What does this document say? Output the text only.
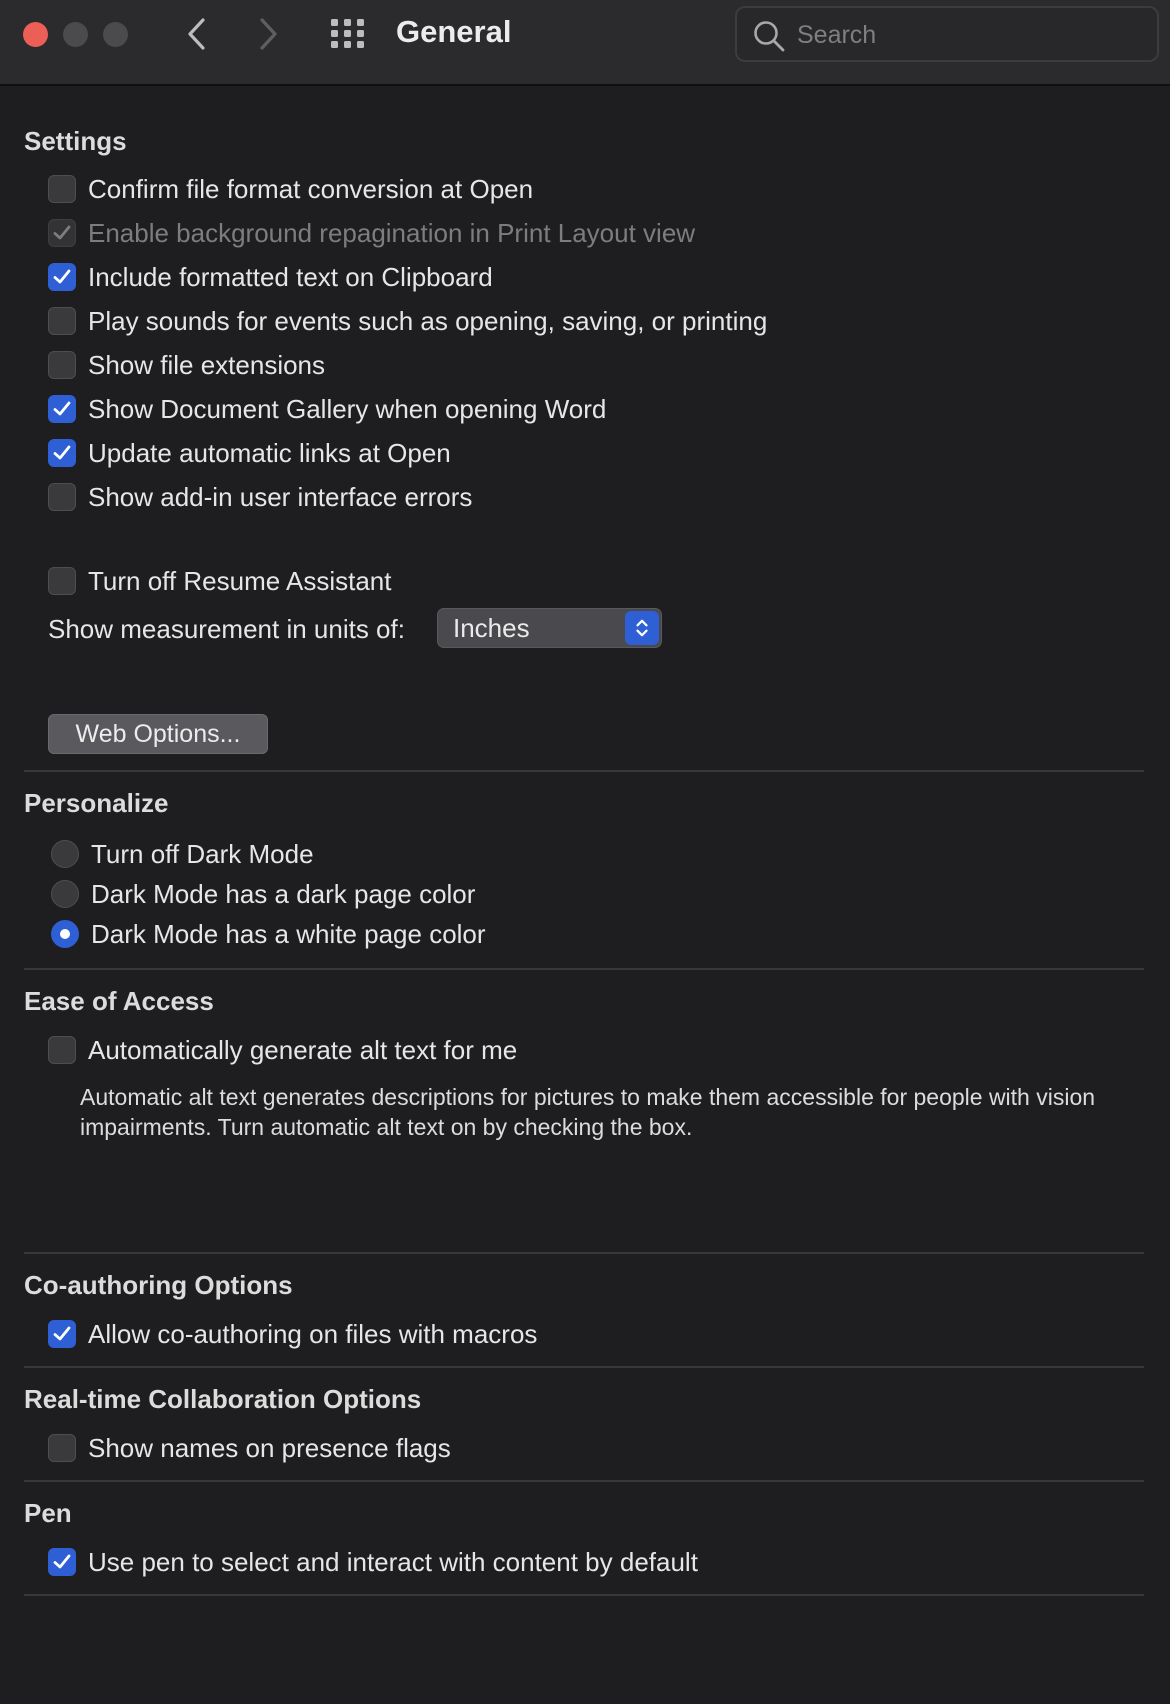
General
Search
Settings
Confirm file format conversion at Open
Enable background repagination in Print Layout view
Include formatted text on Clipboard
Play sounds for events such as opening, saving, or printing
Show file extensions
Show Document Gallery when opening Word
Update automatic links at Open
Show add-in user interface errors
Turn off Resume Assistant
Show measurement in units of: Inches
Web Options...
Personalize
Turn off Dark Mode
Dark Mode has a dark page color
Dark Mode has a white page color
Ease of Access
Automatically generate alt text for me
Automatic alt text generates descriptions for pictures to make them accessible for people with vision impairments. Turn automatic alt text on by checking the box.
Co-authoring Options
Allow co-authoring on files with macros
Real-time Collaboration Options
Show names on presence flags
Pen
Use pen to select and interact with content by default
